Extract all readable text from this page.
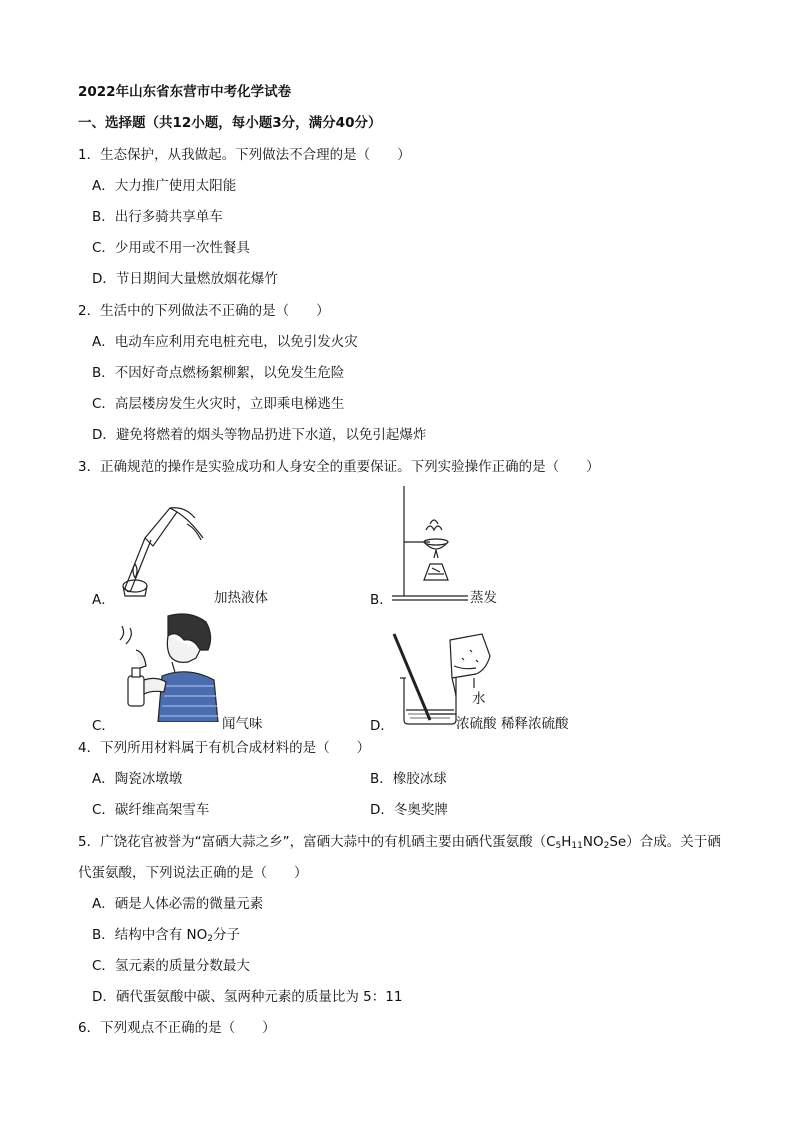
2022年山东省东营市中考化学试卷
一、选择题（共12小题，每小题3分，满分40分）
1．生态保护，从我做起。下列做法不合理的是（　　）
A．大力推广使用太阳能
B．出行多骑共享单车
C．少用或不用一次性餐具
D．节日期间大量燃放烟花爆竹
2．生活中的下列做法不正确的是（　　）
A．电动车应利用充电桩充电，以免引发火灾
B．不因好奇点燃杨絮柳絮，以免发生危险
C．高层楼房发生火灾时，立即乘电梯逃生
D．避免将燃着的烟头等物品扔进下水道，以免引起爆炸
3．正确规范的操作是实验成功和人身安全的重要保证。下列实验操作正确的是（　　）
A．	加热液体	B．	蒸发
C．	闻气味
水
D．	浓硫酸 稀释浓硫酸
4．下列所用材料属于有机合成材料的是（　　）
A．陶瓷冰墩墩	B．橡胶冰球
C．碳纤维高架雪车	D．冬奥奖牌
5．广饶花官被誉为“富硒大蒜之乡”，富硒大蒜中的有机硒主要由硒代蛋氨酸$(C_5H_{11}NO_2Se)$合成。关于硒
代蛋氨酸，下列说法正确的是（　　）
A．硒是人体必需的微量元素
B．结构中含有 $NO_2$分子
C．氢元素的质量分数最大
D．硒代蛋氨酸中碳、氢两种元素的质量比为 5：11
6．下列观点不正确的是（　　）
